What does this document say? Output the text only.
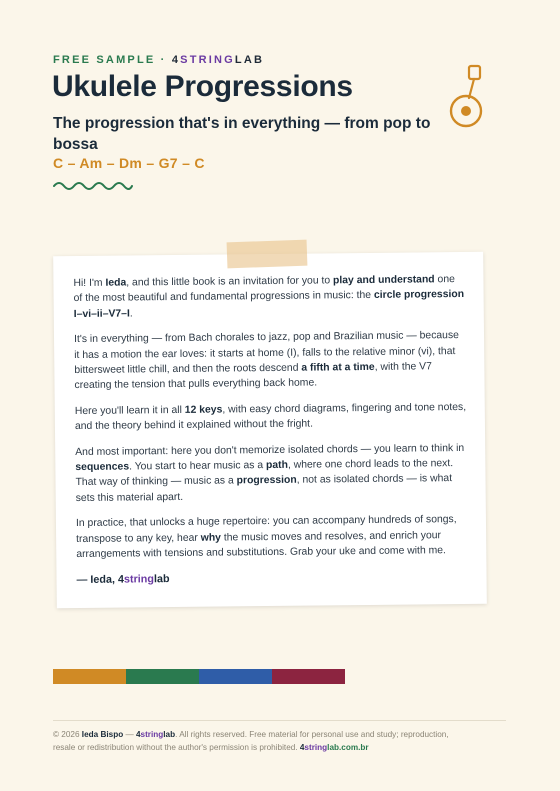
FREE SAMPLE · 4STRINGLAB
Ukulele Progressions
The progression that's in everything — from pop to bossa
C – Am – Dm – G7 – C

Hi! I'm Ieda, and this little book is an invitation for you to play and understand one of the most beautiful and fundamental progressions in music: the circle progression I–vi–ii–V7–I.

It's in everything — from Bach chorales to jazz, pop and Brazilian music — because it has a motion the ear loves: it starts at home (I), falls to the relative minor (vi), that bittersweet little chill, and then the roots descend a fifth at a time, with the V7 creating the tension that pulls everything back home.

Here you'll learn it in all 12 keys, with easy chord diagrams, fingering and tone notes, and the theory behind it explained without the fright.

And most important: here you don't memorize isolated chords — you learn to think in sequences. You start to hear music as a path, where one chord leads to the next. That way of thinking — music as a progression, not as isolated chords — is what sets this material apart.

In practice, that unlocks a huge repertoire: you can accompany hundreds of songs, transpose to any key, hear why the music moves and resolves, and enrich your arrangements with tensions and substitutions. Grab your uke and come with me.

— Ieda, 4stringlab

© 2026 Ieda Bispo — 4stringlab. All rights reserved. Free material for personal use and study; reproduction, resale or redistribution without the author's permission is prohibited. 4stringlab.com.br
